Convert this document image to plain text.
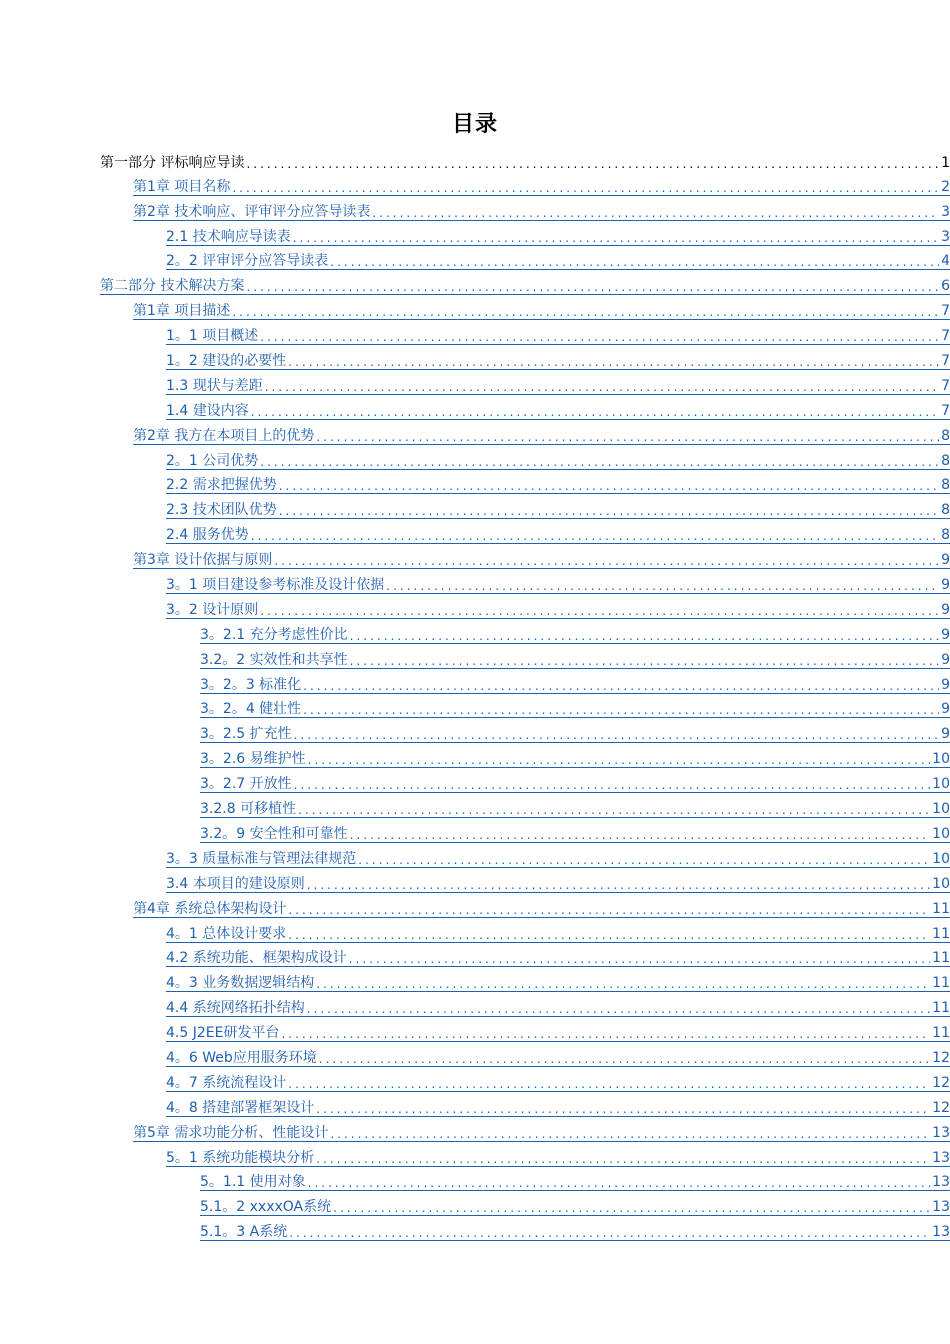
目录
第一部分 评标响应导读 .....	1
第1章 项目名称 .....	2
第2章 技术响应、评审评分应答导读表 .....	3
2.1 技术响应导读表 .....	3
2。2 评审评分应答导读表 .....	4
第二部分 技术解决方案 .....	6
第1章 项目描述 .....	7
1。1 项目概述 .....	7
1。2 建设的必要性 .....	7
1.3 现状与差距 .....	7
1.4 建设内容 .....	7
第2章 我方在本项目上的优势 .....	8
2。1 公司优势 .....	8
2.2 需求把握优势 .....	8
2.3 技术团队优势 .....	8
2.4 服务优势 .....	8
第3章 设计依据与原则 .....	9
3。1 项目建设参考标准及设计依据 .....	9
3。2 设计原则 .....	9
3。2.1 充分考虑性价比 .....	9
3.2。2 实效性和共享性 .....	9
3。2。3 标准化 .....	9
3。2。4 健壮性 .....	9
3。2.5 扩充性 .....	9
3。2.6 易维护性 .....	10
3。2.7 开放性 .....	10
3.2.8 可移植性 .....	10
3.2。9 安全性和可靠性 .....	10
3。3 质量标准与管理法律规范 .....	10
3.4 本项目的建设原则 .....	10
第4章 系统总体架构设计 .....	11
4。1 总体设计要求 .....	11
4.2 系统功能、框架构成设计 .....	11
4。3 业务数据逻辑结构 .....	11
4.4 系统网络拓扑结构 .....	11
4.5 J2EE研发平台 .....	11
4。6 Web应用服务环境 .....	12
4。7 系统流程设计 .....	12
4。8 搭建部署框架设计 .....	12
第5章 需求功能分析、性能设计 .....	13
5。1 系统功能模块分析 .....	13
5。1.1 使用对象 .....	13
5.1。2 xxxxOA系统 .....	13
5.1。3 A系统 .....	13
